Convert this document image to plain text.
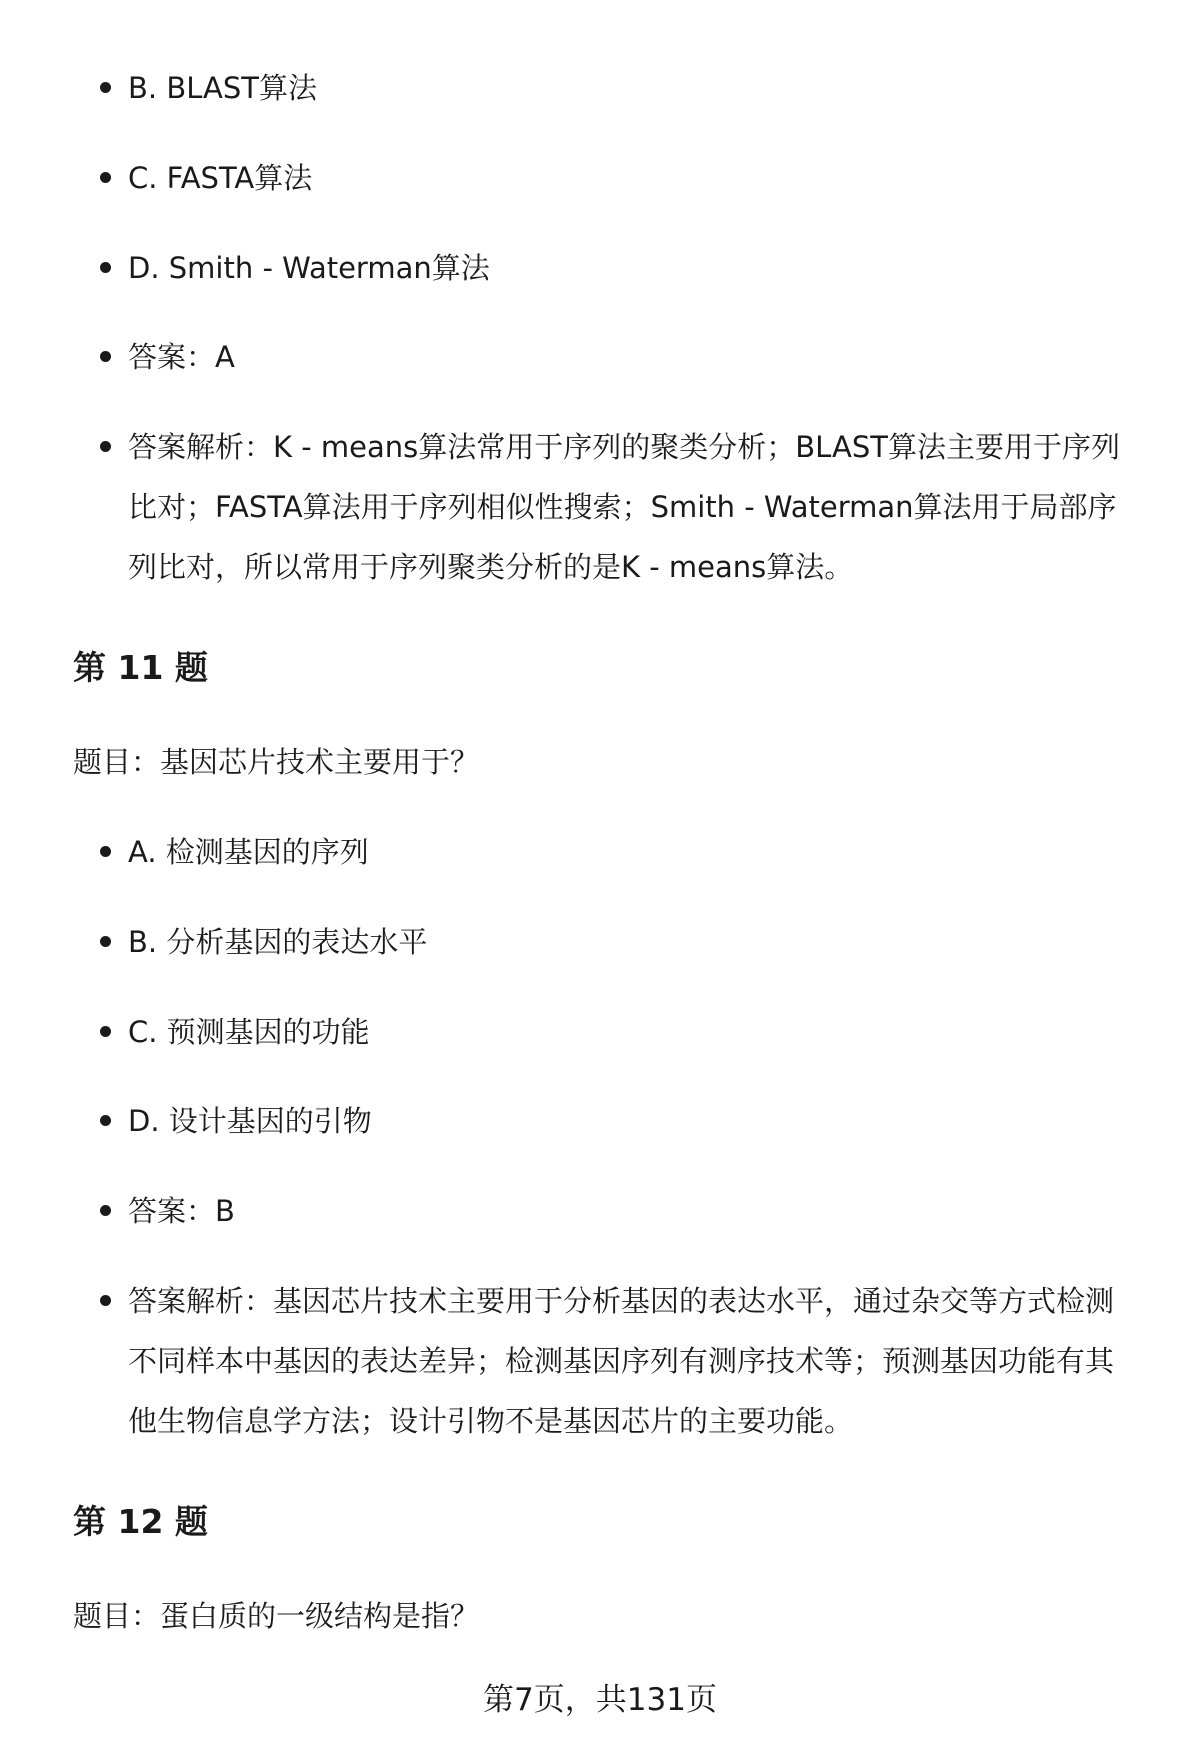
B. BLAST算法
C. FASTA算法
D. Smith - Waterman算法
答案：A
答案解析：K - means算法常用于序列的聚类分析；BLAST算法主要用于序列比对；FASTA算法用于序列相似性搜索；Smith - Waterman算法用于局部序列比对，所以常用于序列聚类分析的是K - means算法。
第 11 题

题目：基因芯片技术主要用于？

A. 检测基因的序列
B. 分析基因的表达水平
C. 预测基因的功能
D. 设计基因的引物
答案：B
答案解析：基因芯片技术主要用于分析基因的表达水平，通过杂交等方式检测不同样本中基因的表达差异；检测基因序列有测序技术等；预测基因功能有其他生物信息学方法；设计引物不是基因芯片的主要功能。
第 12 题

题目：蛋白质的一级结构是指？

第7页，共131页
